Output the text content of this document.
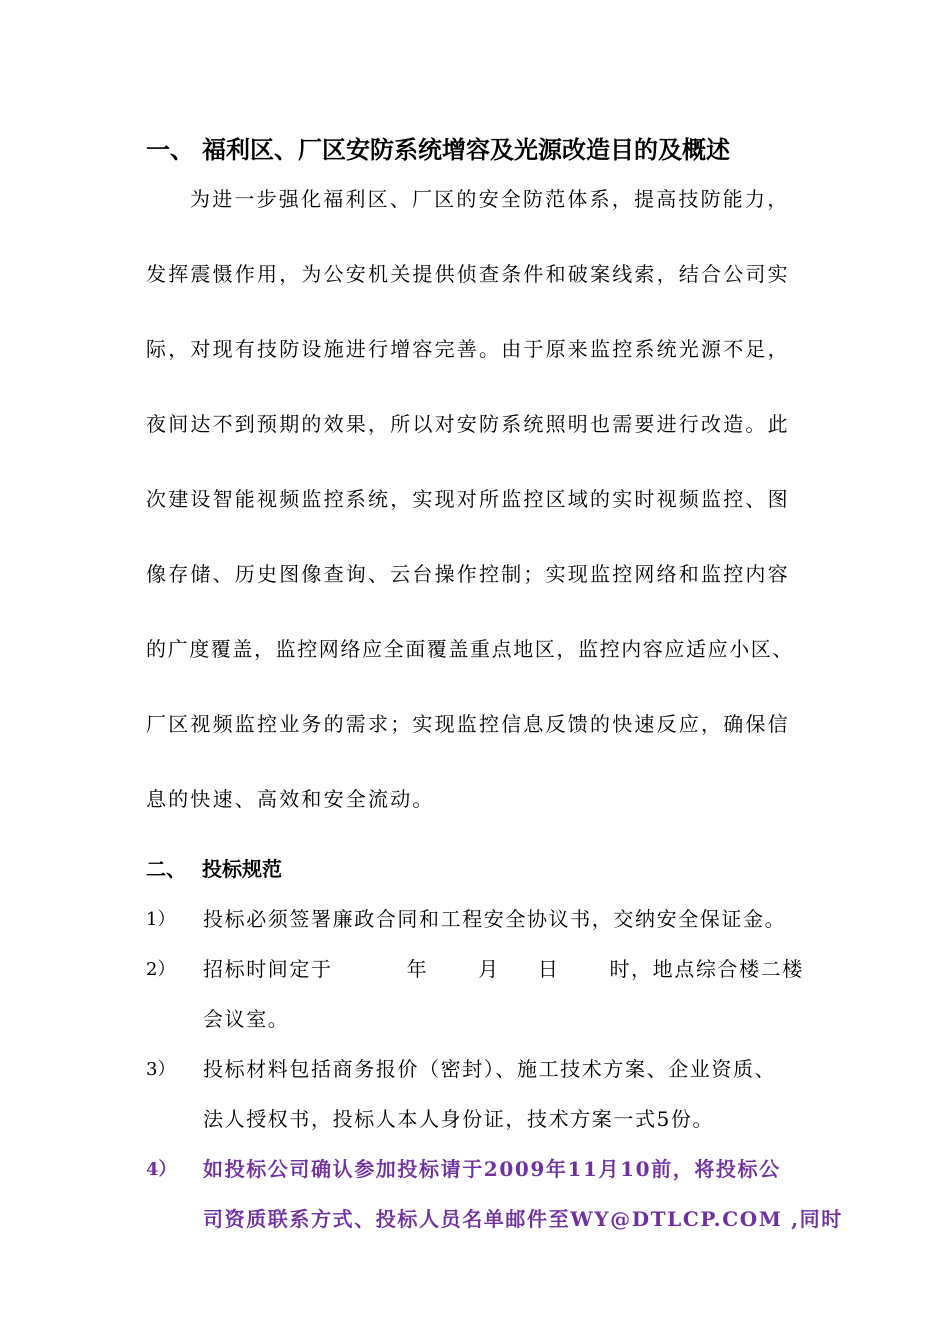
一、 福利区、厂区安防系统增容及光源改造目的及概述
为进一步强化福利区、厂区的安全防范体系，提高技防能力，
发挥震慑作用，为公安机关提供侦查条件和破案线索，结合公司实
际，对现有技防设施进行增容完善。由于原来监控系统光源不足，
夜间达不到预期的效果，所以对安防系统照明也需要进行改造。此
次建设智能视频监控系统，实现对所监控区域的实时视频监控、图
像存储、历史图像查询、云台操作控制；实现监控网络和监控内容
的广度覆盖，监控网络应全面覆盖重点地区，监控内容应适应小区、
厂区视频监控业务的需求；实现监控信息反馈的快速反应，确保信
息的快速、高效和安全流动。
二、 投标规范
1） 投标必须签署廉政合同和工程安全协议书，交纳安全保证金。
2） 招标时间定于	年	月 日	时，地点综合楼二楼
会议室。
3） 投标材料包括商务报价（密封）、施工技术方案、企业资质、
法人授权书，投标人本人身份证，技术方案一式5份。
4） 如投标公司确认参加投标请于2009年11月10前，将投标公
司资质联系方式、投标人员名单邮件至WY@DTLCP.COM ,同时
